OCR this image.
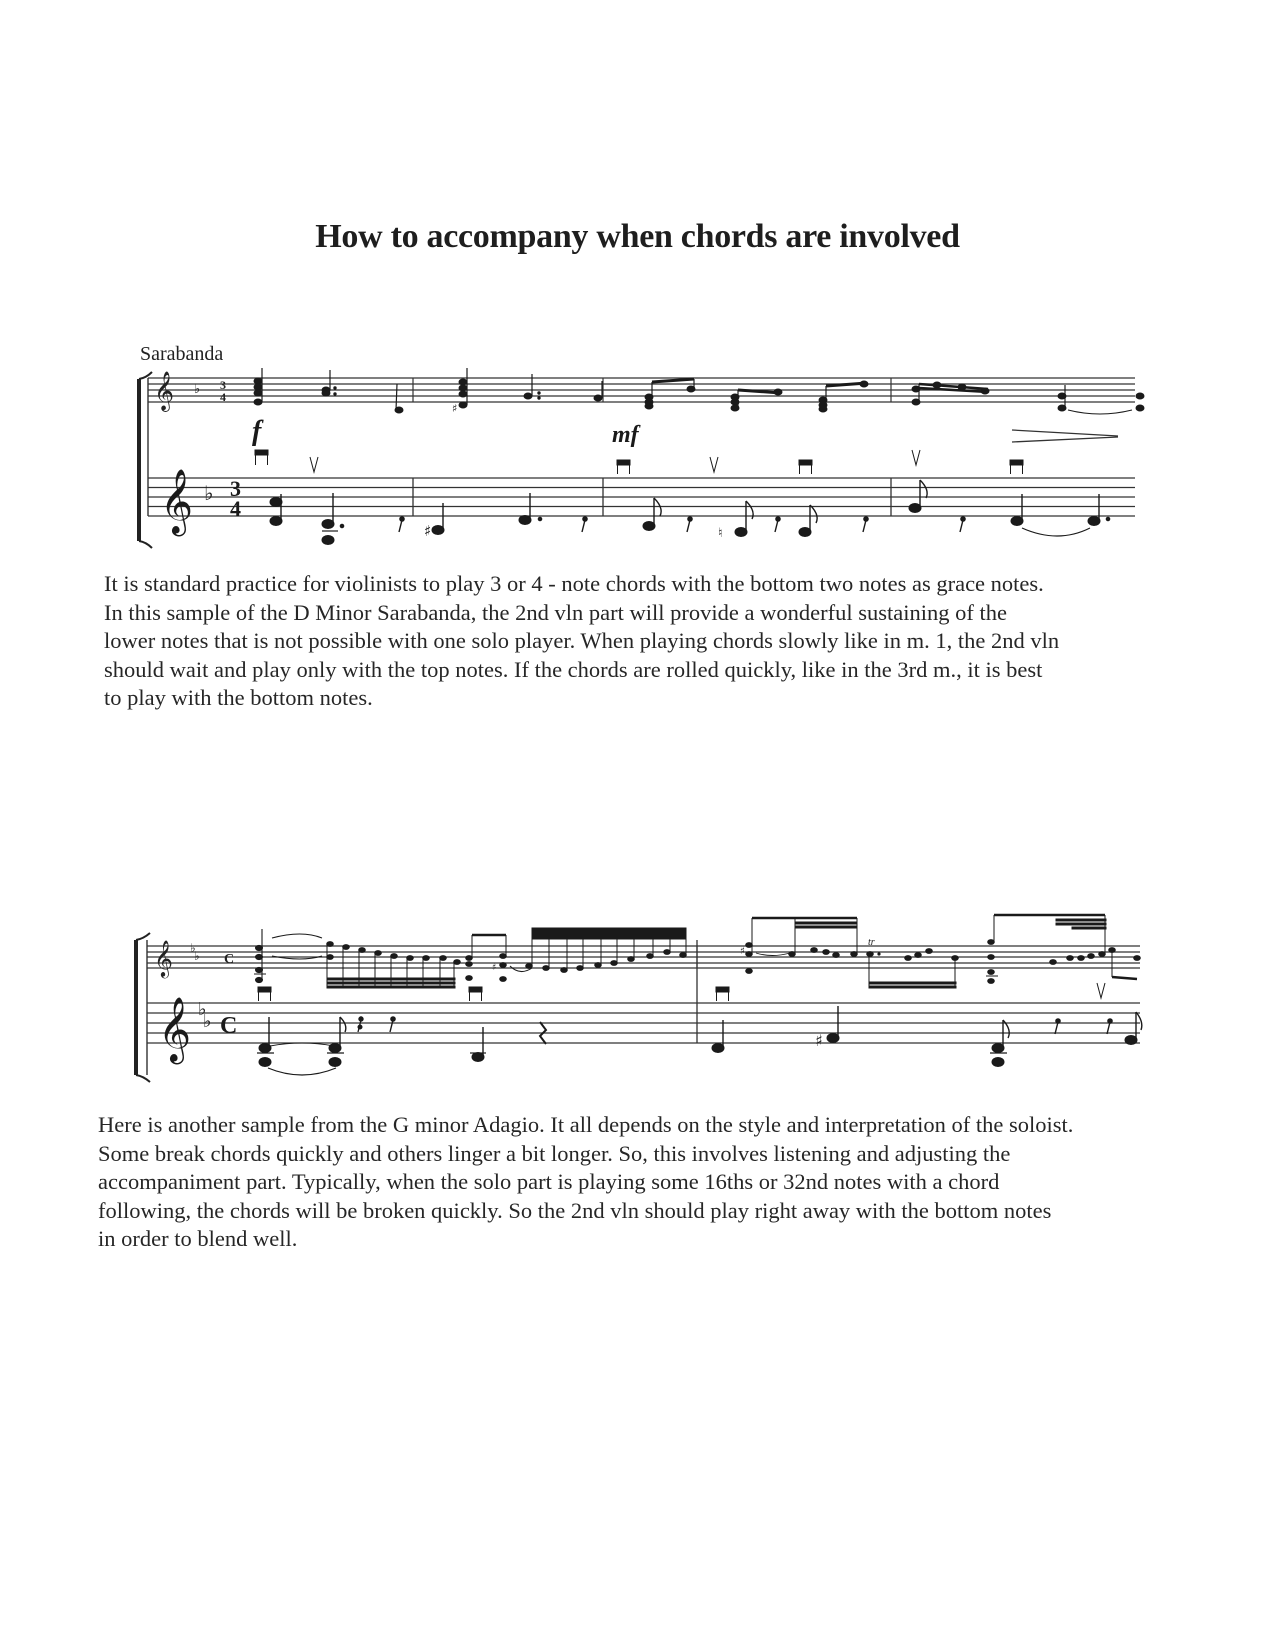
How to accompany when chords are involved
Sarabanda
𝄞 ♭ 3
4
♯
f	mf
𝄞 ♭ 3
4
♯	♮
It is standard practice for violinists to play 3 or 4 - note chords with the bottom two notes as grace notes.
In this sample of the D Minor Sarabanda, the 2nd vln part will provide a wonderful sustaining of the
lower notes that is not possible with one solo player. When playing chords slowly like in m. 1, the 2nd vln
should wait and play only with the top notes. If the chords are rolled quickly, like in the 3rd m., it is best
to play with the bottom notes.
𝄞 ♭
♭ C
♯
♯
tr
𝄞 ♭
♭ C
♯
Here is another sample from the G minor Adagio. It all depends on the style and interpretation of the soloist.
Some break chords quickly and others linger a bit longer. So, this involves listening and adjusting the
accompaniment part. Typically, when the solo part is playing some 16ths or 32nd notes with a chord
following, the chords will be broken quickly. So the 2nd vln should play right away with the bottom notes
in order to blend well.
